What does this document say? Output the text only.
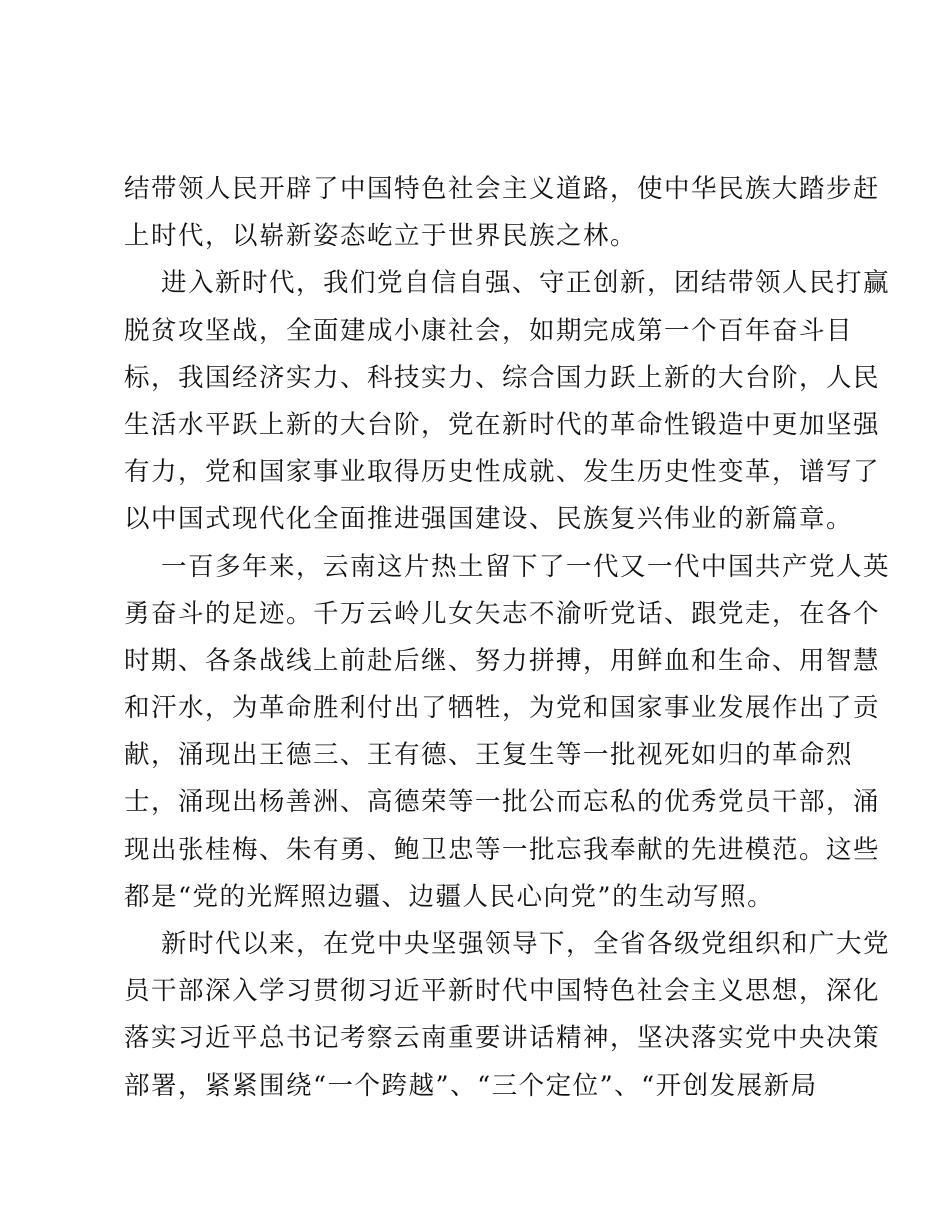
结带领人民开辟了中国特色社会主义道路，使中华民族大踏步赶
上时代，以崭新姿态屹立于世界民族之林。
进入新时代，我们党自信自强、守正创新，团结带领人民打赢
脱贫攻坚战，全面建成小康社会，如期完成第一个百年奋斗目
标，我国经济实力、科技实力、综合国力跃上新的大台阶，人民
生活水平跃上新的大台阶，党在新时代的革命性锻造中更加坚强
有力，党和国家事业取得历史性成就、发生历史性变革，谱写了
以中国式现代化全面推进强国建设、民族复兴伟业的新篇章。
一百多年来，云南这片热土留下了一代又一代中国共产党人英
勇奋斗的足迹。千万云岭儿女矢志不渝听党话、跟党走，在各个
时期、各条战线上前赴后继、努力拼搏，用鲜血和生命、用智慧
和汗水，为革命胜利付出了牺牲，为党和国家事业发展作出了贡
献，涌现出王德三、王有德、王复生等一批视死如归的革命烈
士，涌现出杨善洲、高德荣等一批公而忘私的优秀党员干部，涌
现出张桂梅、朱有勇、鲍卫忠等一批忘我奉献的先进模范。这些
都是“党的光辉照边疆、边疆人民心向党”的生动写照。
新时代以来，在党中央坚强领导下，全省各级党组织和广大党
员干部深入学习贯彻习近平新时代中国特色社会主义思想，深化
落实习近平总书记考察云南重要讲话精神，坚决落实党中央决策
部署，紧紧围绕“一个跨越”、“三个定位”、“开创发展新局
